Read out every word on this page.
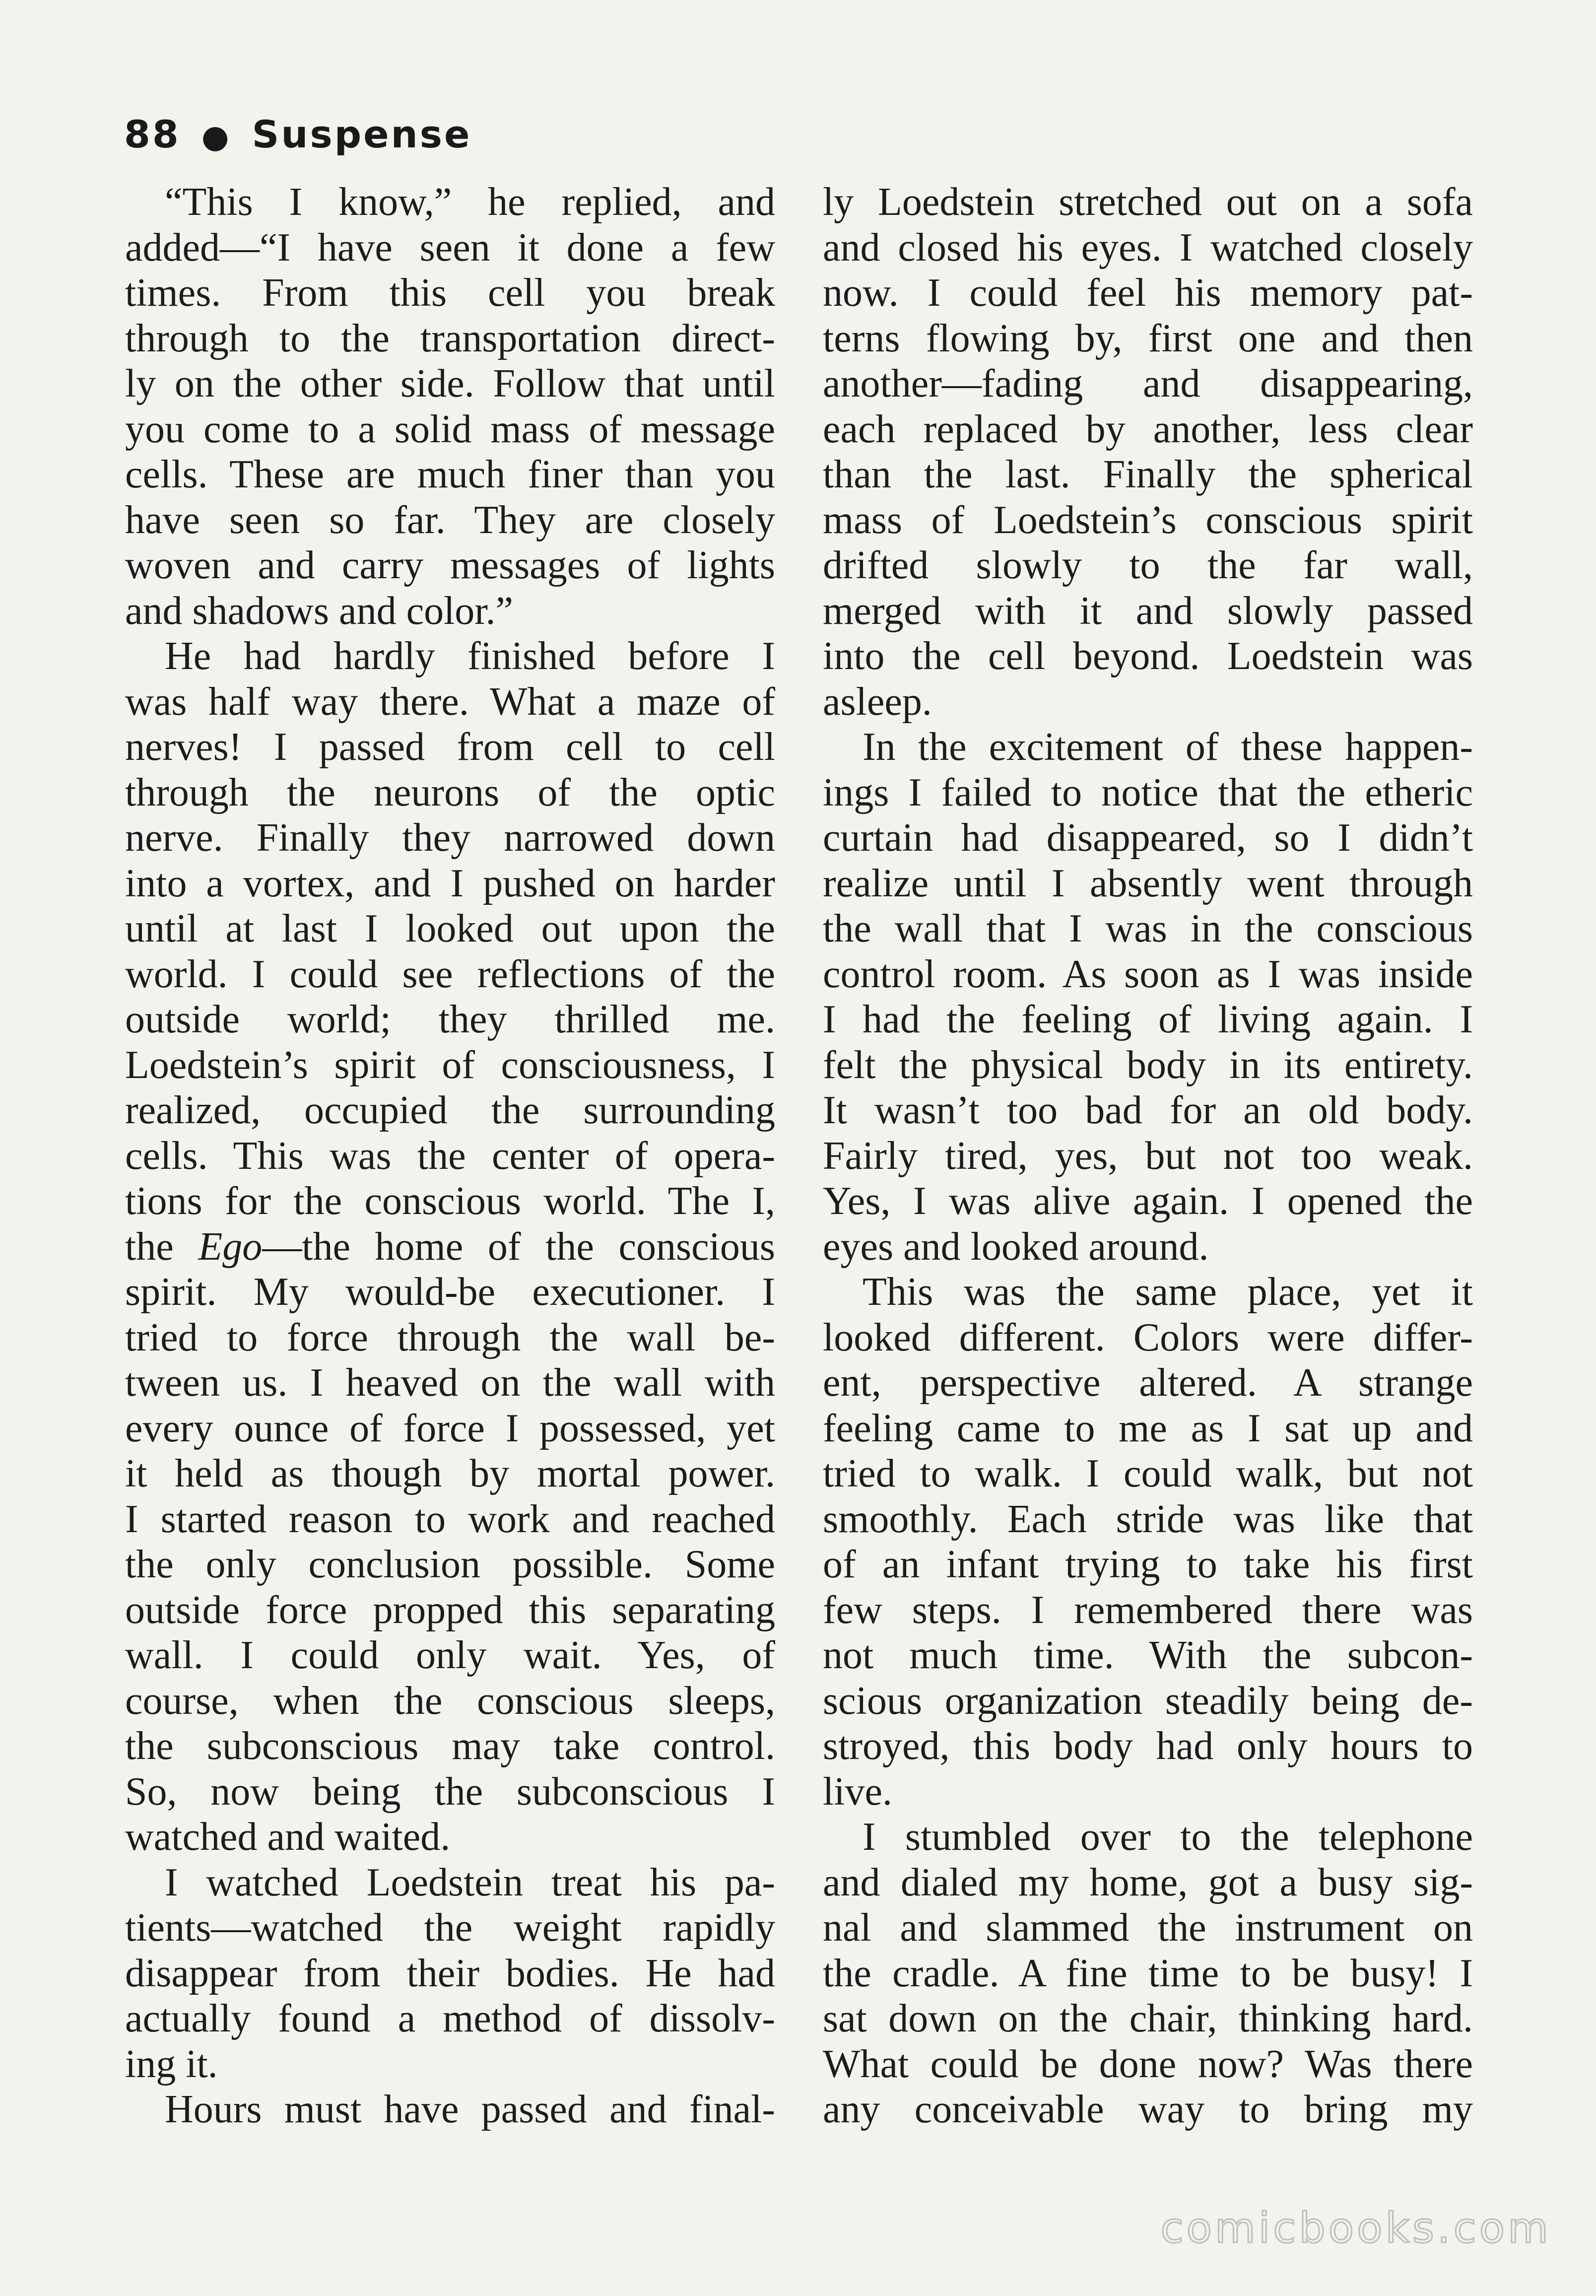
88 ● Suspense
“This I know,” he replied, and
added—“I have seen it done a few
times. From this cell you break
through to the transportation direct-
ly on the other side. Follow that until
you come to a solid mass of message
cells. These are much finer than you
have seen so far. They are closely
woven and carry messages of lights
and shadows and color.”
He had hardly finished before I
was half way there. What a maze of
nerves! I passed from cell to cell
through the neurons of the optic
nerve. Finally they narrowed down
into a vortex, and I pushed on harder
until at last I looked out upon the
world. I could see reflections of the
outside world; they thrilled me.
Loedstein’s spirit of consciousness, I
realized, occupied the surrounding
cells. This was the center of opera-
tions for the conscious world. The I,
the Ego—the home of the conscious
spirit. My would-be executioner. I
tried to force through the wall be-
tween us. I heaved on the wall with
every ounce of force I possessed, yet
it held as though by mortal power.
I started reason to work and reached
the only conclusion possible. Some
outside force propped this separating
wall. I could only wait. Yes, of
course, when the conscious sleeps,
the subconscious may take control.
So, now being the subconscious I
watched and waited.
I watched Loedstein treat his pa-
tients—watched the weight rapidly
disappear from their bodies. He had
actually found a method of dissolv-
ing it.
Hours must have passed and final-
ly Loedstein stretched out on a sofa
and closed his eyes. I watched closely
now. I could feel his memory pat-
terns flowing by, first one and then
another—fading and disappearing,
each replaced by another, less clear
than the last. Finally the spherical
mass of Loedstein’s conscious spirit
drifted slowly to the far wall,
merged with it and slowly passed
into the cell beyond. Loedstein was
asleep.
In the excitement of these happen-
ings I failed to notice that the etheric
curtain had disappeared, so I didn’t
realize until I absently went through
the wall that I was in the conscious
control room. As soon as I was inside
I had the feeling of living again. I
felt the physical body in its entirety.
It wasn’t too bad for an old body.
Fairly tired, yes, but not too weak.
Yes, I was alive again. I opened the
eyes and looked around.
This was the same place, yet it
looked different. Colors were differ-
ent, perspective altered. A strange
feeling came to me as I sat up and
tried to walk. I could walk, but not
smoothly. Each stride was like that
of an infant trying to take his first
few steps. I remembered there was
not much time. With the subcon-
scious organization steadily being de-
stroyed, this body had only hours to
live.
I stumbled over to the telephone
and dialed my home, got a busy sig-
nal and slammed the instrument on
the cradle. A fine time to be busy! I
sat down on the chair, thinking hard.
What could be done now? Was there
any conceivable way to bring my
comicbooks.com
